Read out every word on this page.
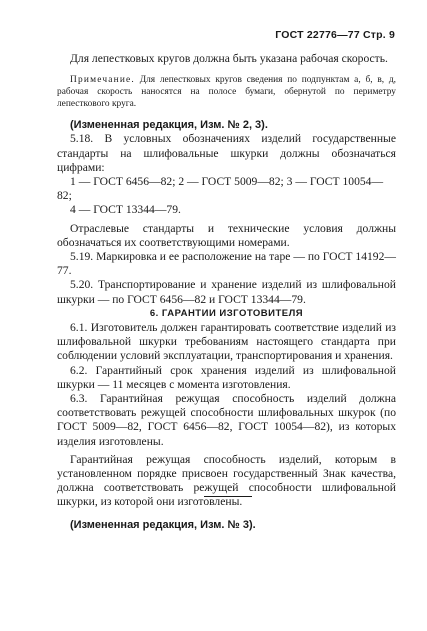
ГОСТ 22776—77 Стр. 9

Для лепестковых кругов должна быть указана рабочая скорость.

Примечание. Для лепестковых кругов сведения по подпунктам а, б, в, д, рабочая скорость наносятся на полосе бумаги, обернутой по периметру лепесткового круга.

(Измененная редакция, Изм. № 2, 3).

5.18. В условных обозначениях изделий государственные стандарты на шлифовальные шкурки должны обозначаться цифрами:

1 — ГОСТ 6456—82; 2 — ГОСТ 5009—82; 3 — ГОСТ 10054—82;

4 — ГОСТ 13344—79.

Отраслевые стандарты и технические условия должны обозначаться их соответствующими номерами.

5.19. Маркировка и ее расположение на таре — по ГОСТ 14192—77.

5.20. Транспортирование и хранение изделий из шлифовальной шкурки — по ГОСТ 6456—82 и ГОСТ 13344—79.

6. ГАРАНТИИ ИЗГОТОВИТЕЛЯ

6.1. Изготовитель должен гарантировать соответствие изделий из шлифовальной шкурки требованиям настоящего стандарта при соблюдении условий эксплуатации, транспортирования и хранения.

6.2. Гарантийный срок хранения изделий из шлифовальной шкурки — 11 месяцев с момента изготовления.

6.3. Гарантийная режущая способность изделий должна соответствовать режущей способности шлифовальных шкурок (по ГОСТ 5009—82, ГОСТ 6456—82, ГОСТ 10054—82), из которых изделия изготовлены.

Гарантийная режущая способность изделий, которым в установленном порядке присвоен государственный Знак качества, должна соответствовать режущей способности шлифовальной шкурки, из которой они изготовлены.

(Измененная редакция, Изм. № 3).
